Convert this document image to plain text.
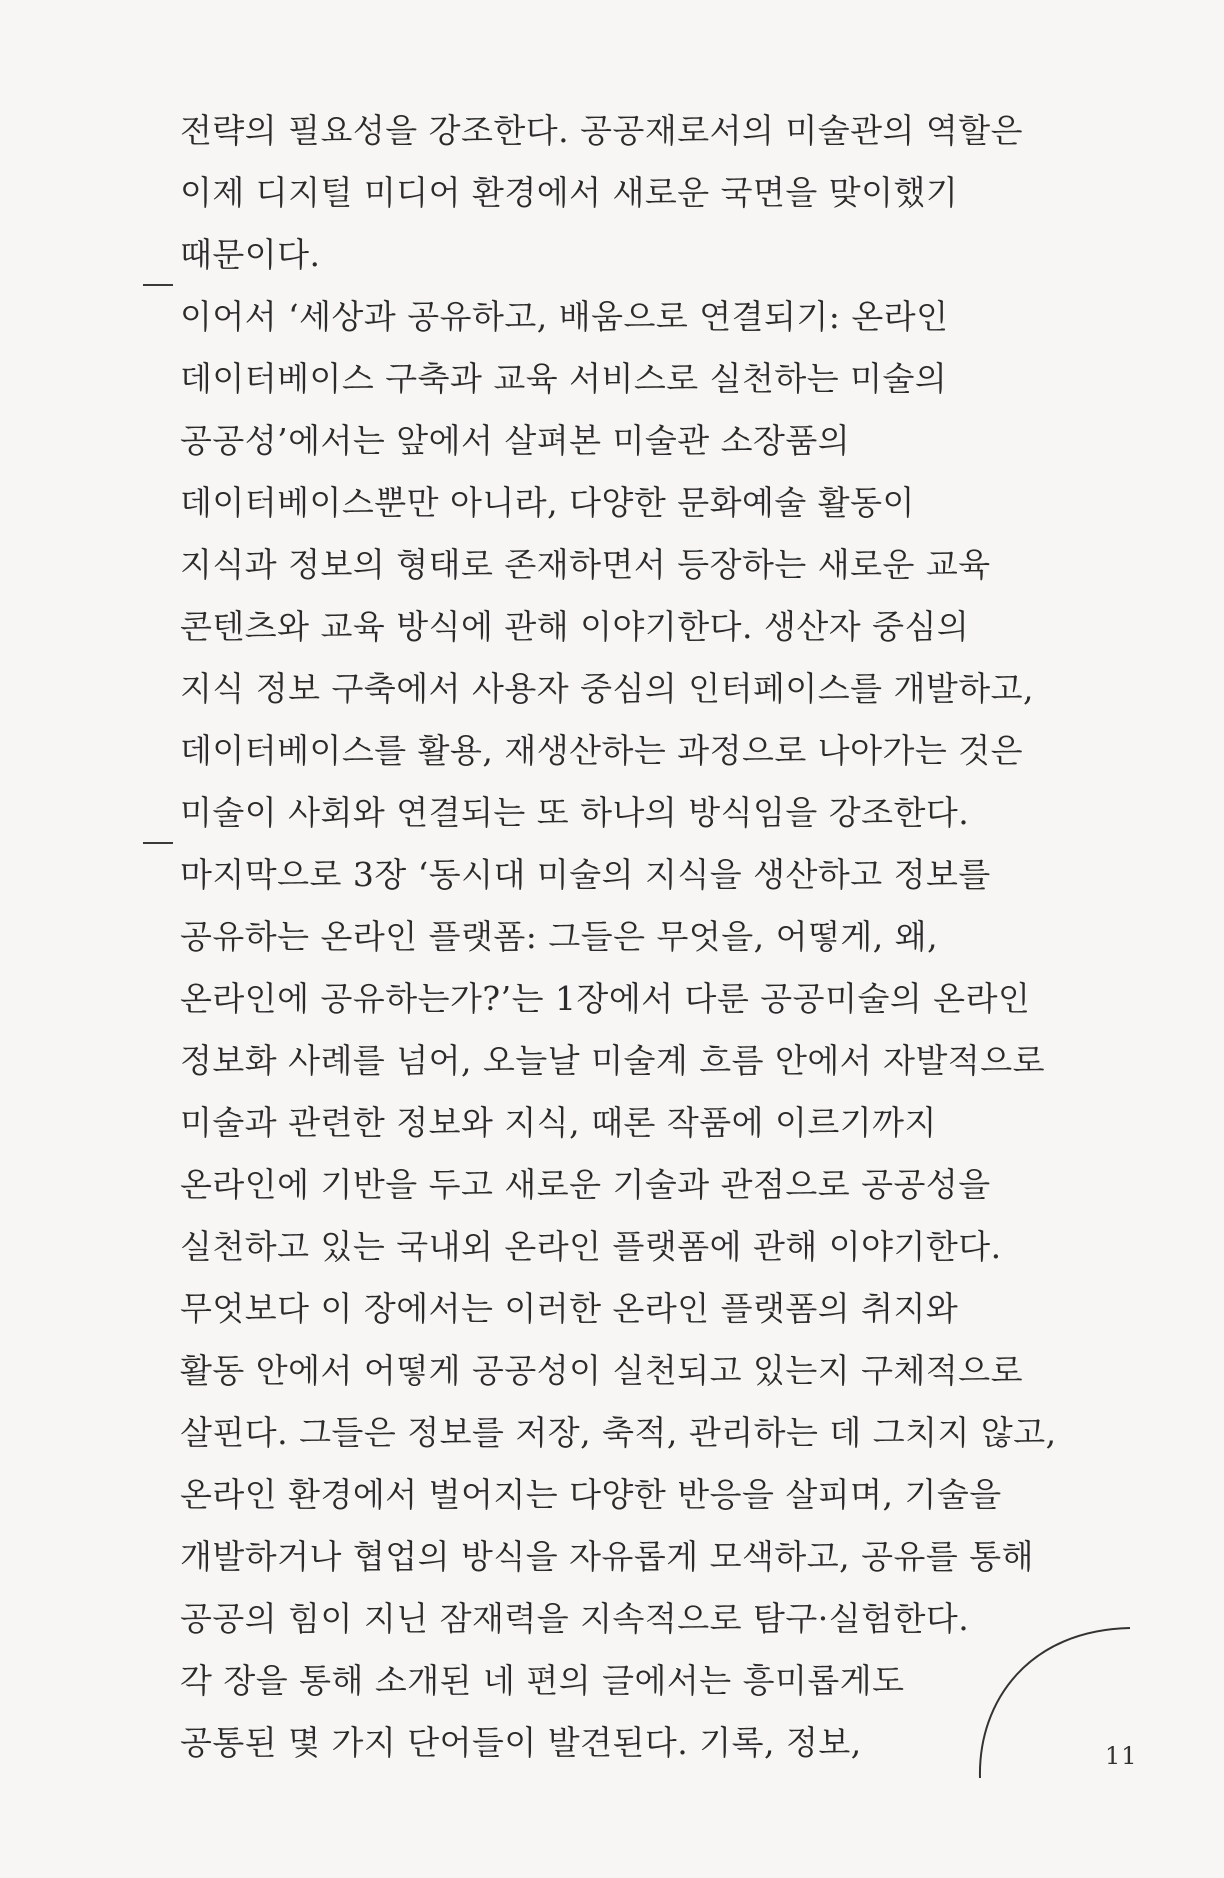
전략의 필요성을 강조한다. 공공재로서의 미술관의 역할은
이제 디지털 미디어 환경에서 새로운 국면을 맞이했기
때문이다.
이어서 ‘세상과 공유하고, 배움으로 연결되기: 온라인
데이터베이스 구축과 교육 서비스로 실천하는 미술의
공공성’에서는 앞에서 살펴본 미술관 소장품의
데이터베이스뿐만 아니라, 다양한 문화예술 활동이
지식과 정보의 형태로 존재하면서 등장하는 새로운 교육
콘텐츠와 교육 방식에 관해 이야기한다. 생산자 중심의
지식 정보 구축에서 사용자 중심의 인터페이스를 개발하고,
데이터베이스를 활용, 재생산하는 과정으로 나아가는 것은
미술이 사회와 연결되는 또 하나의 방식임을 강조한다.
마지막으로 3장 ‘동시대 미술의 지식을 생산하고 정보를
공유하는 온라인 플랫폼: 그들은 무엇을, 어떻게, 왜,
온라인에 공유하는가?’는 1장에서 다룬 공공미술의 온라인
정보화 사례를 넘어, 오늘날 미술계 흐름 안에서 자발적으로
미술과 관련한 정보와 지식, 때론 작품에 이르기까지
온라인에 기반을 두고 새로운 기술과 관점으로 공공성을
실천하고 있는 국내외 온라인 플랫폼에 관해 이야기한다.
무엇보다 이 장에서는 이러한 온라인 플랫폼의 취지와
활동 안에서 어떻게 공공성이 실천되고 있는지 구체적으로
살핀다. 그들은 정보를 저장, 축적, 관리하는 데 그치지 않고,
온라인 환경에서 벌어지는 다양한 반응을 살피며, 기술을
개발하거나 협업의 방식을 자유롭게 모색하고, 공유를 통해
공공의 힘이 지닌 잠재력을 지속적으로 탐구·실험한다.
각 장을 통해 소개된 네 편의 글에서는 흥미롭게도
공통된 몇 가지 단어들이 발견된다. 기록, 정보,	11
